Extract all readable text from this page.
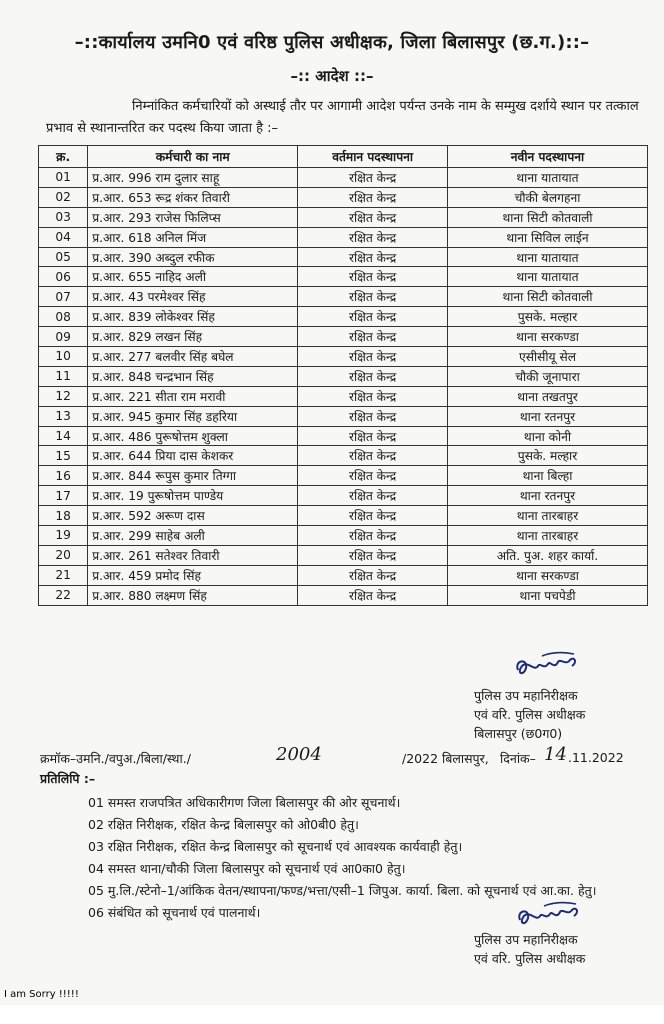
–::कार्यालय उमनि0 एवं वरिष्ठ पुलिस अधीक्षक, जिला बिलासपुर (छ.ग.)::–
–:: आदेश ::–
निम्नांकित कर्मचारियों को अस्थाई तौर पर आगामी आदेश पर्यन्त उनके नाम के सम्मुख दर्शाये स्थान पर तत्काल प्रभाव से स्थानान्तरित कर पदस्थ किया जाता है :–
क्र.	कर्मचारी का नाम	वर्तमान पदस्थापना	नवीन पदस्थापना
01	प्र.आर. 996 राम दुलार साहू	रक्षित केन्द्र	थाना यातायात
02	प्र.आर. 653 रूद्र शंकर तिवारी	रक्षित केन्द्र	चौकी बेलगहना
03	प्र.आर. 293 राजेस फिलिप्स	रक्षित केन्द्र	थाना सिटी कोतवाली
04	प्र.आर. 618 अनिल मिंज	रक्षित केन्द्र	थाना सिविल लाईन
05	प्र.आर. 390 अब्दुल रफीक	रक्षित केन्द्र	थाना यातायात
06	प्र.आर. 655 नाहिद अली	रक्षित केन्द्र	थाना यातायात
07	प्र.आर. 43 परमेश्वर सिंह	रक्षित केन्द्र	थाना सिटी कोतवाली
08	प्र.आर. 839 लोकेश्वर सिंह	रक्षित केन्द्र	पुसके. मल्हार
09	प्र.आर. 829 लखन सिंह	रक्षित केन्द्र	थाना सरकण्डा
10	प्र.आर. 277 बलवीर सिंह बघेल	रक्षित केन्द्र	एसीसीयू सेल
11	प्र.आर. 848 चन्द्रभान सिंह	रक्षित केन्द्र	चौकी जूनापारा
12	प्र.आर. 221 सीता राम मरावी	रक्षित केन्द्र	थाना तखतपुर
13	प्र.आर. 945 कुमार सिंह डहरिया	रक्षित केन्द्र	थाना रतनपुर
14	प्र.आर. 486 पुरूषोत्तम शुक्ला	रक्षित केन्द्र	थाना कोनी
15	प्र.आर. 644 प्रिया दास केशकर	रक्षित केन्द्र	पुसके. मल्हार
16	प्र.आर. 844 रूपुस कुमार तिग्गा	रक्षित केन्द्र	थाना बिल्हा
17	प्र.आर. 19 पुरूषोत्तम पाण्डेय	रक्षित केन्द्र	थाना रतनपुर
18	प्र.आर. 592 अरूण दास	रक्षित केन्द्र	थाना तारबाहर
19	प्र.आर. 299 साहेब अली	रक्षित केन्द्र	थाना तारबाहर
20	प्र.आर. 261 सतेश्वर तिवारी	रक्षित केन्द्र	अति. पुअ. शहर कार्या.
21	प्र.आर. 459 प्रमोद सिंह	रक्षित केन्द्र	थाना सरकण्डा
22	प्र.आर. 880 लक्ष्मण सिंह	रक्षित केन्द्र	थाना पचपेडी
पुलिस उप महानिरीक्षक
एवं वरि. पुलिस अधीक्षक
बिलासपुर (छ0ग0)
क्रमॉक–उमनि./वपुअ./बिला/स्था./	2004	/2022 बिलासपुर, दिनांक– 14 .11.2022
प्रतिलिपि :–
01 समस्त राजपत्रित अधिकारीगण जिला बिलासपुर की ओर सूचनार्थ।
02 रक्षित निरीक्षक, रक्षित केन्द्र बिलासपुर को ओ0बी0 हेतु।
03 रक्षित निरीक्षक, रक्षित केन्द्र बिलासपुर को सूचनार्थ एवं आवश्यक कार्यवाही हेतु।
04 समस्त थाना/चौकी जिला बिलासपुर को सूचनार्थ एवं आ0का0 हेतु।
05 मु.लि./स्टेनो–1/आंकिक वेतन/स्थापना/फण्ड/भत्ता/एसी–1 जिपुअ. कार्या. बिला. को सूचनार्थ एवं आ.का. हेतु।
06 संबंधित को सूचनार्थ एवं पालनार्थ।
पुलिस उप महानिरीक्षक
एवं वरि. पुलिस अधीक्षक
I am Sorry !!!!!
